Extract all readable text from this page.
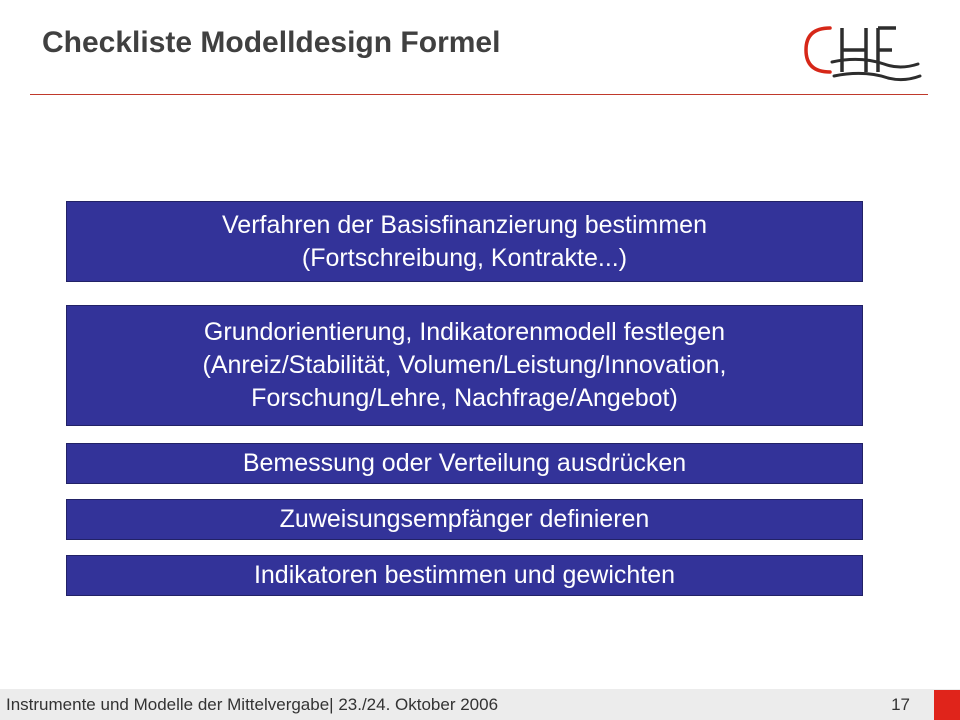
Checkliste Modelldesign Formel
Verfahren der Basisfinanzierung bestimmen
(Fortschreibung, Kontrakte...)
Grundorientierung, Indikatorenmodell festlegen
(Anreiz/Stabilität, Volumen/Leistung/Innovation,
Forschung/Lehre, Nachfrage/Angebot)
Bemessung oder Verteilung ausdrücken
Zuweisungsempfänger definieren
Indikatoren bestimmen und gewichten
Instrumente und Modelle der Mittelvergabe| 23./24. Oktober 2006	17
